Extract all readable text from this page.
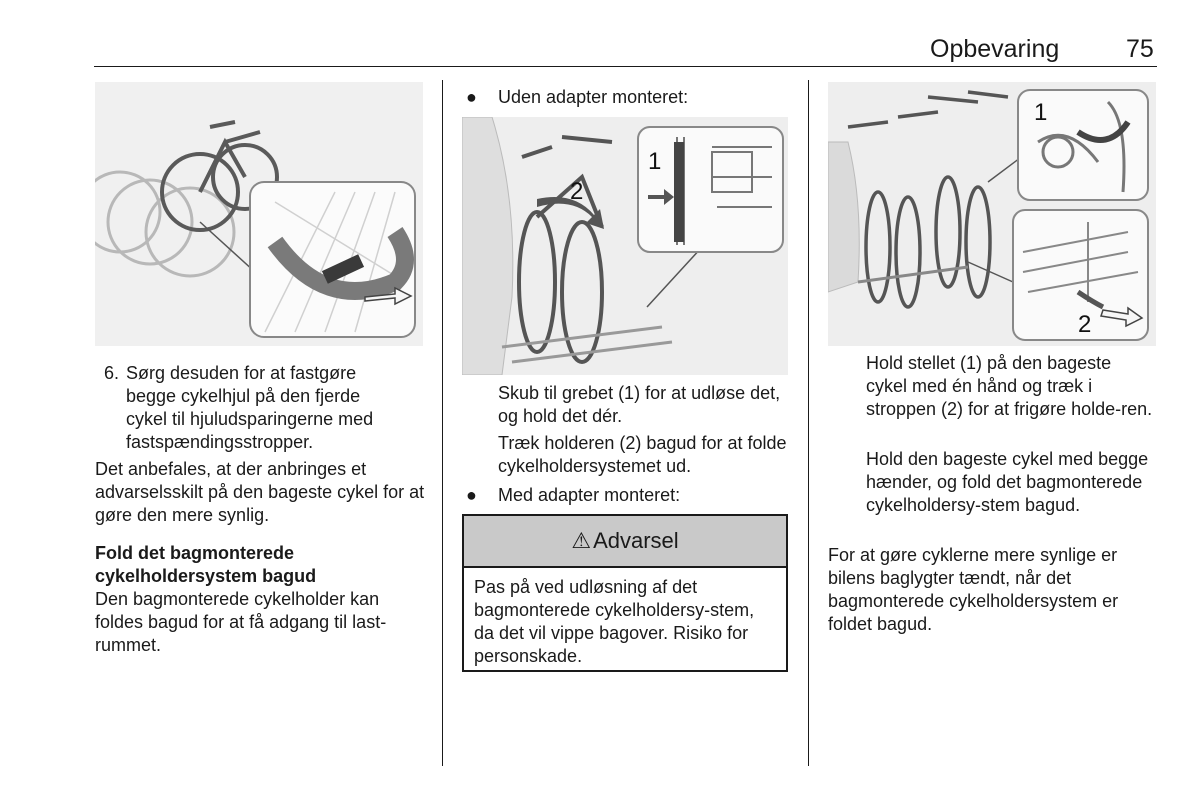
Opbevaring	75
6. Sørg desuden for at fastgøre begge cykelhjul på den fjerde cykel til hjuludsparingerne med fastspændingsstropper.

Det anbefales, at der anbringes et advarselsskilt på den bageste cykel for at gøre den mere synlig.

Fold det bagmonterede cykelholdersystem bagud

Den bagmonterede cykelholder kan foldes bagud for at få adgang til last-rummet.

● Uden adapter monteret:

2
1

Skub til grebet (1) for at udløse det, og hold det dér.

Træk holderen (2) bagud for at folde cykelholdersystemet ud.

● Med adapter monteret:

⚠ Advarsel
Pas på ved udløsning af det bagmonterede cykelholdersy-stem, da det vil vippe bagover. Risiko for personskade.
1
2

Hold stellet (1) på den bageste cykel med én hånd og træk i stroppen (2) for at frigøre holde-ren.

Hold den bageste cykel med begge hænder, og fold det bagmonterede cykelholdersy-stem bagud.

For at gøre cyklerne mere synlige er bilens baglygter tændt, når det bagmonterede cykelholdersystem er foldet bagud.
